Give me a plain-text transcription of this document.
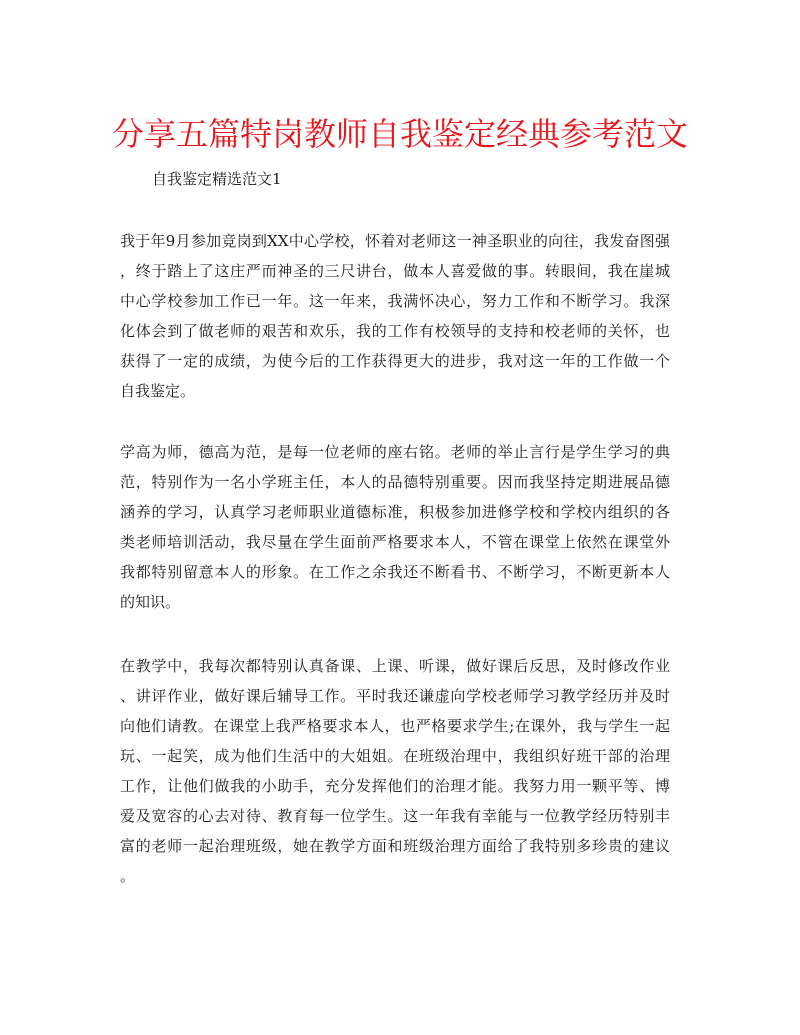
分享五篇特岗教师自我鉴定经典参考范文

自我鉴定精选范文1

我于年9月参加竞岗到XX中心学校，怀着对老师这一神圣职业的向往，我发奋图强
，终于踏上了这庄严而神圣的三尺讲台，做本人喜爱做的事。转眼间，我在崖城
中心学校参加工作已一年。这一年来，我满怀决心，努力工作和不断学习。我深
化体会到了做老师的艰苦和欢乐，我的工作有校领导的支持和校老师的关怀，也
获得了一定的成绩，为使今后的工作获得更大的进步，我对这一年的工作做一个
自我鉴定。
学高为师，德高为范，是每一位老师的座右铭。老师的举止言行是学生学习的典
范，特别作为一名小学班主任，本人的品德特别重要。因而我坚持定期进展品德
涵养的学习，认真学习老师职业道德标准，积极参加进修学校和学校内组织的各
类老师培训活动，我尽量在学生面前严格要求本人，不管在课堂上依然在课堂外
我都特别留意本人的形象。在工作之余我还不断看书、不断学习，不断更新本人
的知识。
在教学中，我每次都特别认真备课、上课、听课，做好课后反思，及时修改作业
、讲评作业，做好课后辅导工作。平时我还谦虚向学校老师学习教学经历并及时
向他们请教。在课堂上我严格要求本人，也严格要求学生;在课外，我与学生一起
玩、一起笑，成为他们生活中的大姐姐。在班级治理中，我组织好班干部的治理
工作，让他们做我的小助手，充分发挥他们的治理才能。我努力用一颗平等、博
爱及宽容的心去对待、教育每一位学生。这一年我有幸能与一位教学经历特别丰
富的老师一起治理班级，她在教学方面和班级治理方面给了我特别多珍贵的建议
。
